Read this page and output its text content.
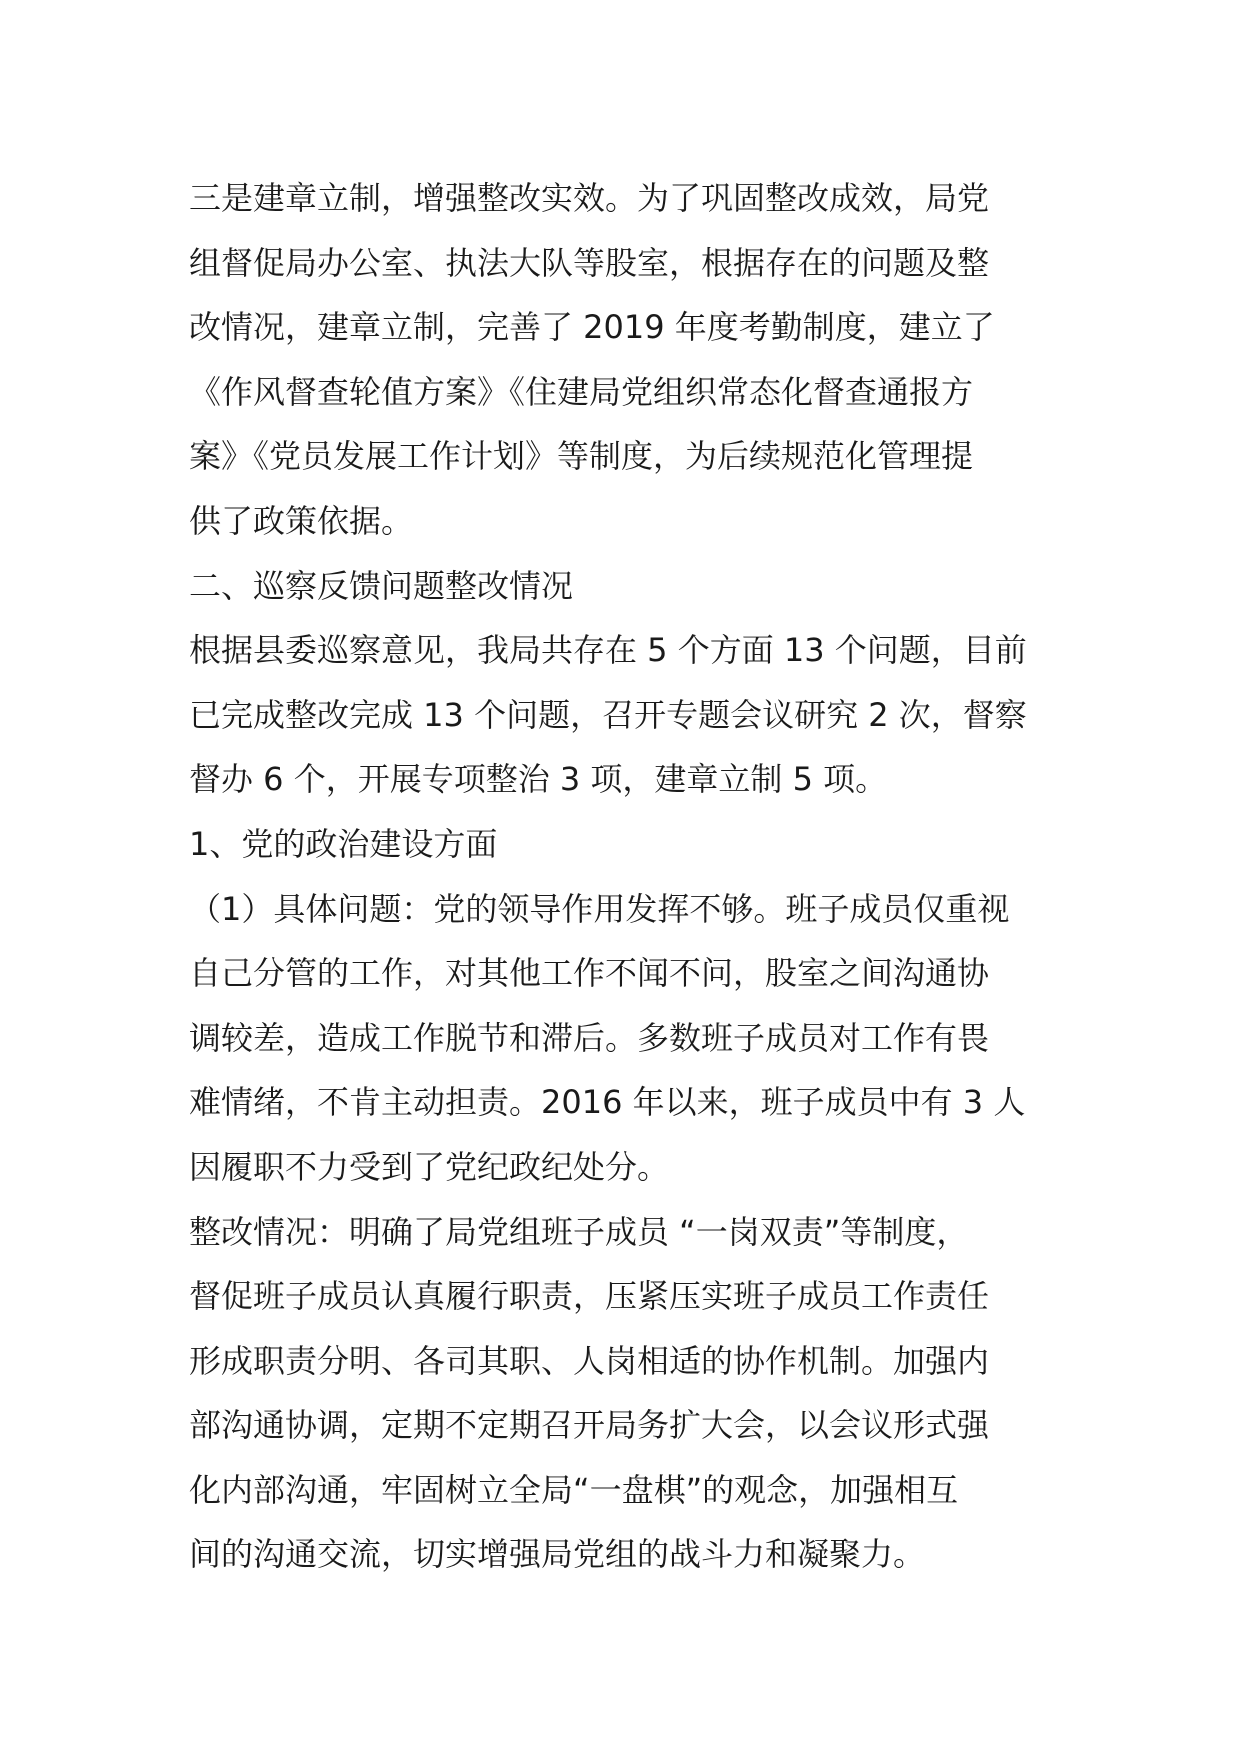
三是建章立制，增强整改实效。为了巩固整改成效，局党
组督促局办公室、执法大队等股室，根据存在的问题及整
改情况，建章立制，完善了 2019 年度考勤制度，建立了
《作风督查轮值方案》《住建局党组织常态化督查通报方
案》《党员发展工作计划》等制度，为后续规范化管理提
供了政策依据。
二、巡察反馈问题整改情况
根据县委巡察意见，我局共存在 5 个方面 13 个问题，目前
已完成整改完成 13 个问题，召开专题会议研究 2 次，督察
督办 6 个，开展专项整治 3 项，建章立制 5 项。
1、党的政治建设方面
（1）具体问题：党的领导作用发挥不够。班子成员仅重视
自己分管的工作，对其他工作不闻不问，股室之间沟通协
调较差，造成工作脱节和滞后。多数班子成员对工作有畏
难情绪，不肯主动担责。2016 年以来，班子成员中有 3 人
因履职不力受到了党纪政纪处分。
整改情况：明确了局党组班子成员 “一岗双责”等制度，
督促班子成员认真履行职责，压紧压实班子成员工作责任
形成职责分明、各司其职、人岗相适的协作机制。加强内
部沟通协调，定期不定期召开局务扩大会，以会议形式强
化内部沟通，牢固树立全局“一盘棋”的观念，加强相互
间的沟通交流，切实增强局党组的战斗力和凝聚力。
